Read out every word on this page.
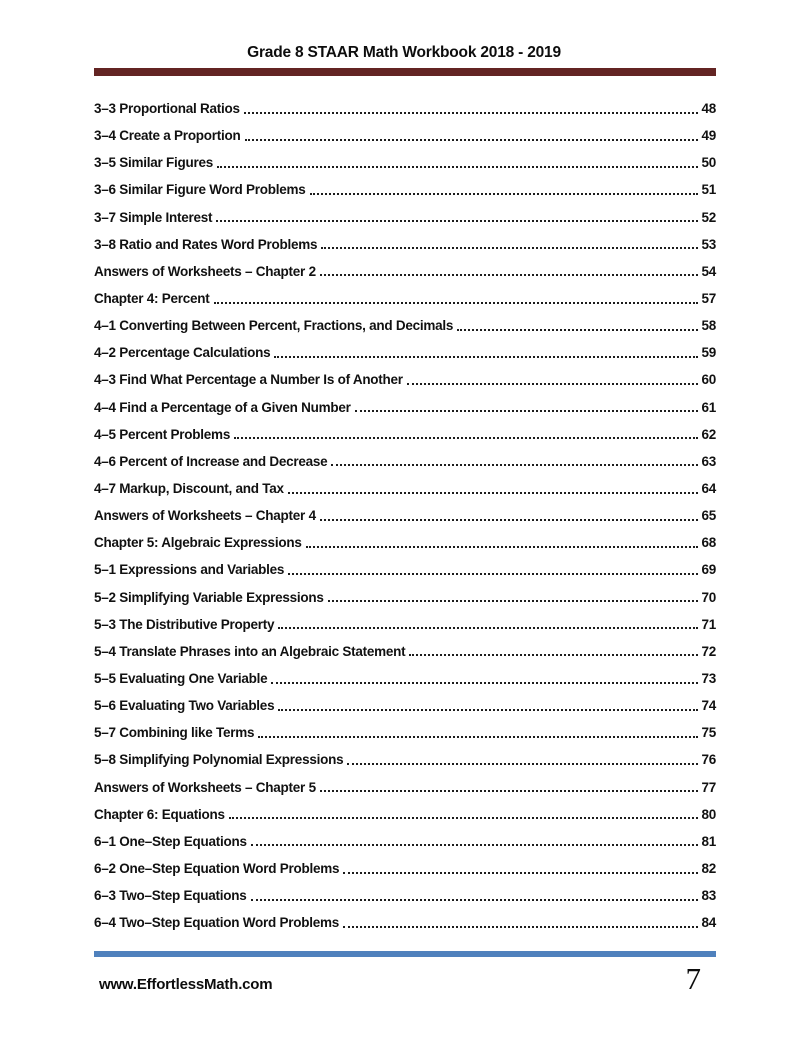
Grade 8 STAAR Math Workbook 2018 - 2019
3–3 Proportional Ratios	48
3–4 Create a Proportion	49
3–5 Similar Figures	50
3–6 Similar Figure Word Problems	51
3–7 Simple Interest	52
3–8 Ratio and Rates Word Problems	53
Answers of Worksheets – Chapter 2	54
Chapter 4: Percent	57
4–1 Converting Between Percent, Fractions, and Decimals	58
4–2 Percentage Calculations	59
4–3 Find What Percentage a Number Is of Another	60
4–4 Find a Percentage of a Given Number	61
4–5 Percent Problems	62
4–6 Percent of Increase and Decrease	63
4–7 Markup, Discount, and Tax	64
Answers of Worksheets – Chapter 4	65
Chapter 5: Algebraic Expressions	68
5–1 Expressions and Variables	69
5–2 Simplifying Variable Expressions	70
5–3 The Distributive Property	71
5–4 Translate Phrases into an Algebraic Statement	72
5–5 Evaluating One Variable	73
5–6 Evaluating Two Variables	74
5–7 Combining like Terms	75
5–8 Simplifying Polynomial Expressions	76
Answers of Worksheets – Chapter 5	77
Chapter 6: Equations	80
6–1 One–Step Equations	81
6–2 One–Step Equation Word Problems	82
6–3 Two–Step Equations	83
6–4 Two–Step Equation Word Problems	84
www.EffortlessMath.com	7
